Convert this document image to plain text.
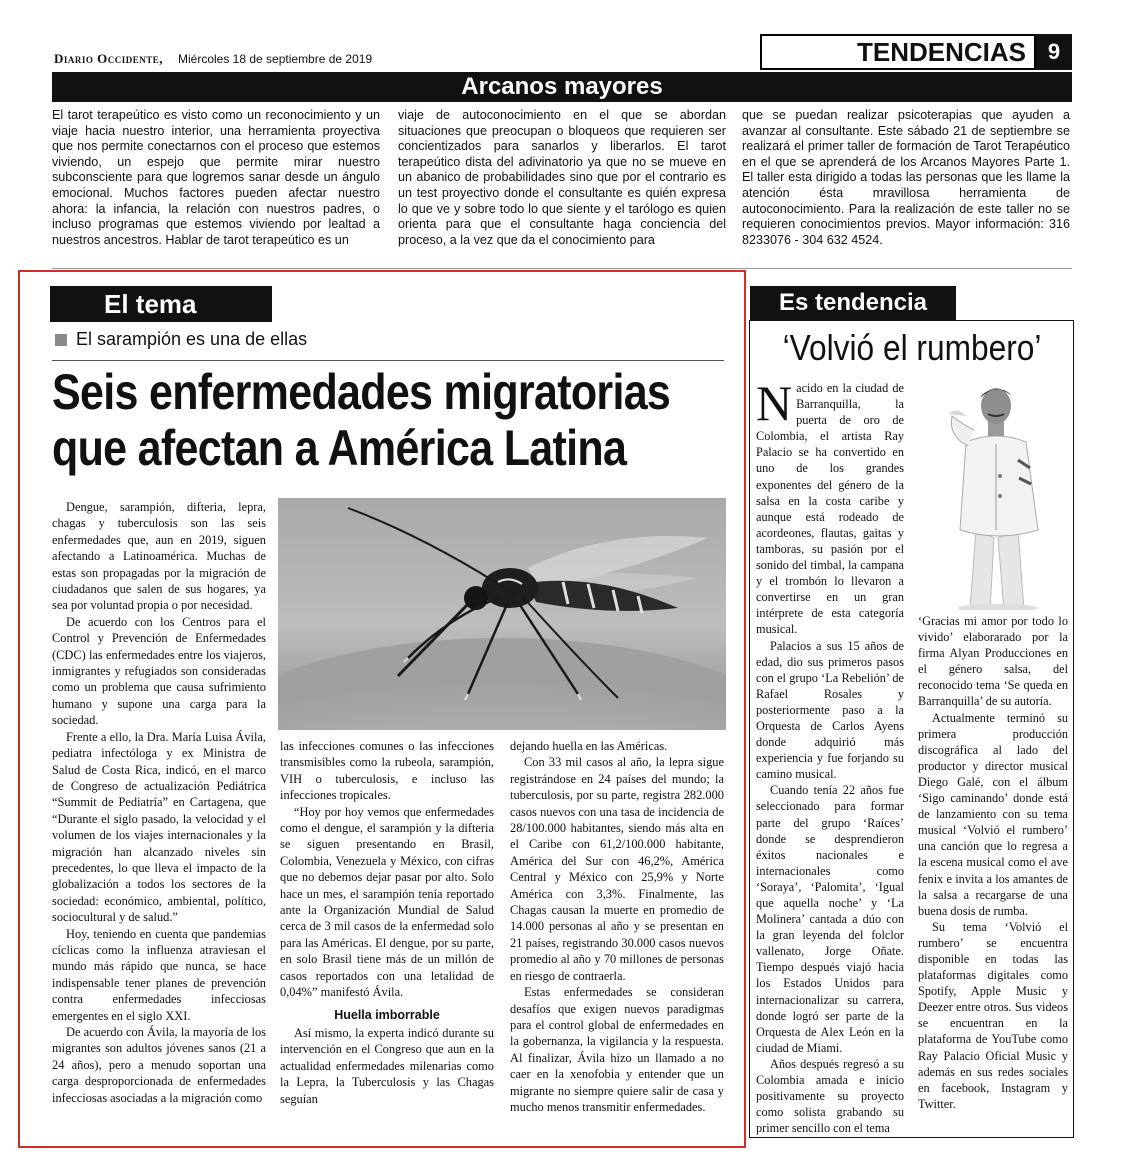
Diario Occidente, Miércoles 18 de septiembre de 2019	TENDENCIAS 9
Arcanos mayores
El tarot terapeútico es visto como un reconocimiento y un viaje hacia nuestro interior, una herramienta proyectiva que nos permite conectarnos con el proceso que estemos viviendo, un espejo que permite mirar nuestro subconsciente para que logremos sanar desde un ángulo emocional. Muchos factores pueden afectar nuestro ahora: la infancia, la relación con nuestros padres, o incluso programas que estemos viviendo por lealtad a nuestros ancestros. Hablar de tarot terapeútico es un
viaje de autoconocimiento en el que se abordan situaciones que preocupan o bloqueos que requieren ser concientizados para sanarlos y liberarlos. El tarot terapeútico dista del adivinatorio ya que no se mueve en un abanico de probabilidades sino que por el contrario es un test proyectivo donde el consultante es quién expresa lo que ve y sobre todo lo que siente y el tarólogo es quien orienta para que el consultante haga conciencia del proceso, a la vez que da el conocimiento para
que se puedan realizar psicoterapias que ayuden a avanzar al consultante. Este sábado 21 de septiembre se realizará el primer taller de formación de Tarot Terapéutico en el que se aprenderá de los Arcanos Mayores Parte 1. El taller esta dirigido a todas las personas que les llame la atención ésta mravillosa herramienta de autoconocimiento. Para la realización de este taller no se requieren conocimientos previos. Mayor información: 316 8233076 - 304 632 4524.
El tema
El sarampión es una de ellas
Seis enfermedades migratorias
que afectan a América Latina

Dengue, sarampión, difteria, lepra, chagas y tuberculosis son las seis enfermedades que, aun en 2019, siguen afectando a Latinoamérica. Muchas de estas son propagadas por la migración de ciudadanos que salen de sus hogares, ya sea por voluntad propia o por necesidad.

De acuerdo con los Centros para el Control y Prevención de Enfermedades (CDC) las enfermedades entre los viajeros, inmigrantes y refugiados son consideradas como un problema que causa sufrimiento humano y supone una carga para la sociedad.

Frente a ello, la Dra. María Luisa Ávila, pediatra infectóloga y ex Ministra de Salud de Costa Rica, indicó, en el marco de Congreso de actualización Pediátrica “Summit de Pediatría” en Cartagena, que “Durante el siglo pasado, la velocidad y el volumen de los viajes internacionales y la migración han alcanzado niveles sin precedentes, lo que lleva el impacto de la globalización a todos los sectores de la sociedad: económico, ambiental, político, sociocultural y de salud.”

Hoy, teniendo en cuenta que pandemias cíclicas como la influenza atraviesan el mundo más rápido que nunca, se hace indispensable tener planes de prevención contra enfermedades infecciosas emergentes en el siglo XXI.

De acuerdo con Ávila, la mayoría de los migrantes son adultos jóvenes sanos (21 a 24 años), pero a menudo soportan una carga desproporcionada de enfermedades infecciosas asociadas a la migración como

las infecciones comunes o las infecciones transmisibles como la rubeola, sarampión, VIH o tuberculosis, e incluso las infecciones tropicales.

“Hoy por hoy vemos que enfermedades como el dengue, el sarampión y la difteria se siguen presentando en Brasil, Colombia, Venezuela y México, con cifras que no debemos dejar pasar por alto. Solo hace un mes, el sarampión tenía reportado ante la Organización Mundial de Salud cerca de 3 mil casos de la enfermedad solo para las Américas. El dengue, por su parte, en solo Brasil tiene más de un millón de casos reportados con una letalidad de 0,04%” manifestó Ávila.

Huella imborrable

Así mismo, la experta indicó durante su intervención en el Congreso que aun en la actualidad enfermedades milenarias como la Lepra, la Tuberculosis y las Chagas seguían

dejando huella en las Américas.

Con 33 mil casos al año, la lepra sigue registrándose en 24 países del mundo; la tuberculosis, por su parte, registra 282.000 casos nuevos con una tasa de incidencia de 28/100.000 habitantes, siendo más alta en el Caribe con 61,2/100.000 habitante, América del Sur con 46,2%, América Central y México con 25,9% y Norte América con 3,3%. Finalmente, las Chagas causan la muerte en promedio de 14.000 personas al año y se presentan en 21 países, registrando 30.000 casos nuevos promedio al año y 70 millones de personas en riesgo de contraerla.

Estas enfermedades se consideran desafíos que exigen nuevos paradigmas para el control global de enfermedades en la gobernanza, la vigilancia y la respuesta. Al finalizar, Ávila hizo un llamado a no caer en la xenofobia y entender que un migrante no siempre quiere salir de casa y mucho menos transmitir enfermedades.

Es tendencia
‘Volvió el rumbero’

Nacido en la ciudad de Barranquilla, la puerta de oro de Colombia, el artista Ray Palacio se ha convertido en uno de los grandes exponentes del género de la salsa en la costa caribe y aunque está rodeado de acordeones, flautas, gaitas y tamboras, su pasión por el sonido del timbal, la campana y el trombón lo llevaron a convertirse en un gran intérprete de esta categoría musical.

Palacios a sus 15 años de edad, dio sus primeros pasos con el grupo ‘La Rebelión’ de Rafael Rosales y posteriormente paso a la Orquesta de Carlos Ayens donde adquirió más experiencia y fue forjando su camino musical.

Cuando tenía 22 años fue seleccionado para formar parte del grupo ‘Raíces’ donde se desprendieron éxitos nacionales e internacionales como ‘Soraya’, ‘Palomita’, ‘Igual que aquella noche’ y ‘La Molinera’ cantada a dúo con la gran leyenda del folclor vallenato, Jorge Oñate. Tiempo después viajó hacia los Estados Unidos para internacionalizar su carrera, donde logró ser parte de la Orquesta de Alex León en la ciudad de Miami.

Años después regresó a su Colombia amada e inicio positivamente su proyecto como solista grabando su primer sencillo con el tema

‘Gracias mi amor por todo lo vivido’ elaborarado por la firma Alyan Producciones en el género salsa, del reconocido tema ‘Se queda en Barranquilla’ de su autoría.

Actualmente terminó su primera producción discográfica al lado del productor y director musical Diego Galé, con el álbum ‘Sigo caminando’ donde está de lanzamiento con su tema musical ‘Volvió el rumbero’ una canción que lo regresa a la escena musical como el ave fenix e invita a los amantes de la salsa a recargarse de una buena dosis de rumba.

Su tema ‘Volvió el rumbero’ se encuentra disponible en todas las plataformas digitales como Spotify, Apple Music y Deezer entre otros. Sus videos se encuentran en la plataforma de YouTube como Ray Palacio Oficial Music y además en sus redes sociales en facebook, Instagram y Twitter.
